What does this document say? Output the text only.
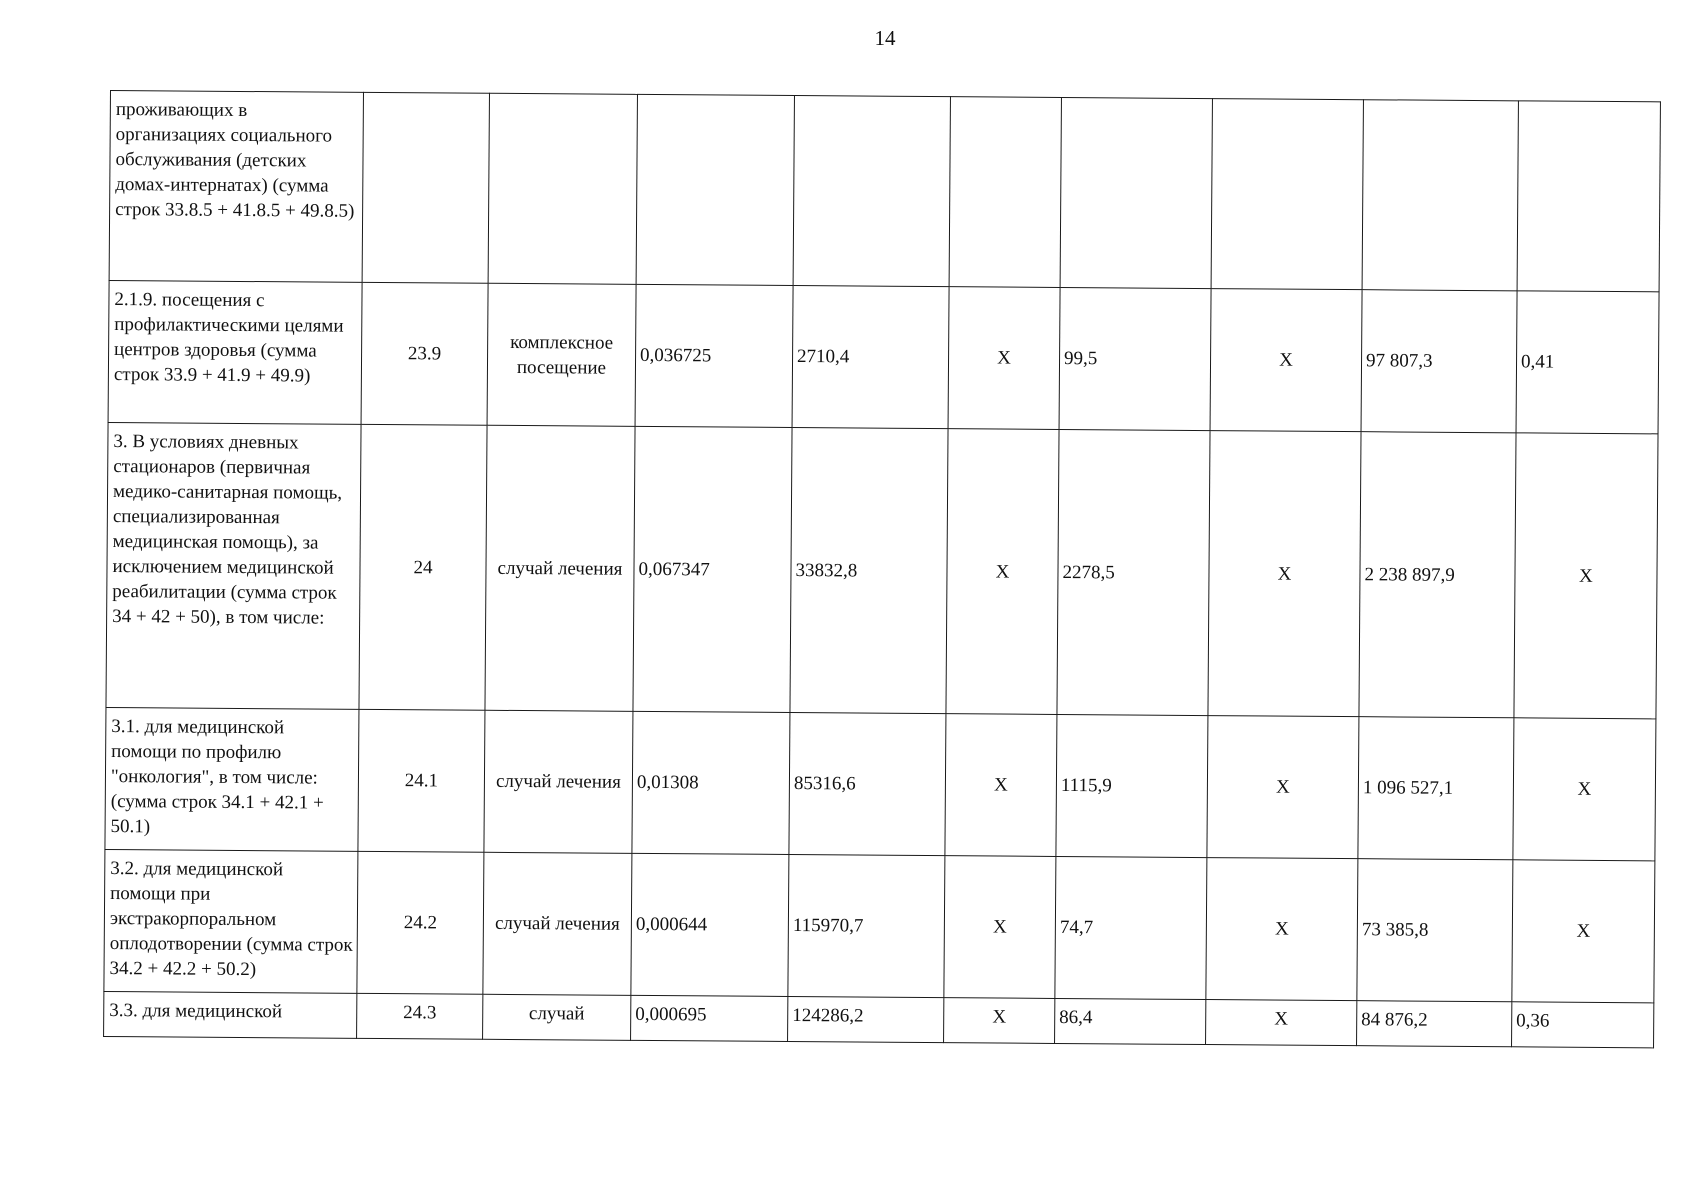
14
проживающих в организациях социального обслуживания (детских домах-интернатах) (сумма строк 33.8.5 + 41.8.5 + 49.8.5)									
2.1.9. посещения с профилактическими целями центров здоровья (сумма строк 33.9 + 41.9 + 49.9)	23.9	комплексное посещение	0,036725	2710,4	X	99,5	X	97 807,3	0,41
3. В условиях дневных стационаров (первичная медико-санитарная помощь, специализированная медицинская помощь), за исключением медицинской реабилитации (сумма строк 34 + 42 + 50), в том числе:	24	случай лечения	0,067347	33832,8	X	2278,5	X	2 238 897,9	X
3.1. для медицинской помощи по профилю "онкология", в том числе: (сумма строк 34.1 + 42.1 + 50.1)	24.1	случай лечения	0,01308	85316,6	X	1115,9	X	1 096 527,1	X
3.2. для медицинской помощи при экстракорпоральном оплодотворении (сумма строк 34.2 + 42.2 + 50.2)	24.2	случай лечения	0,000644	115970,7	X	74,7	X	73 385,8	X
3.3. для медицинской	24.3	случай	0,000695	124286,2	X	86,4	X	84 876,2	0,36
